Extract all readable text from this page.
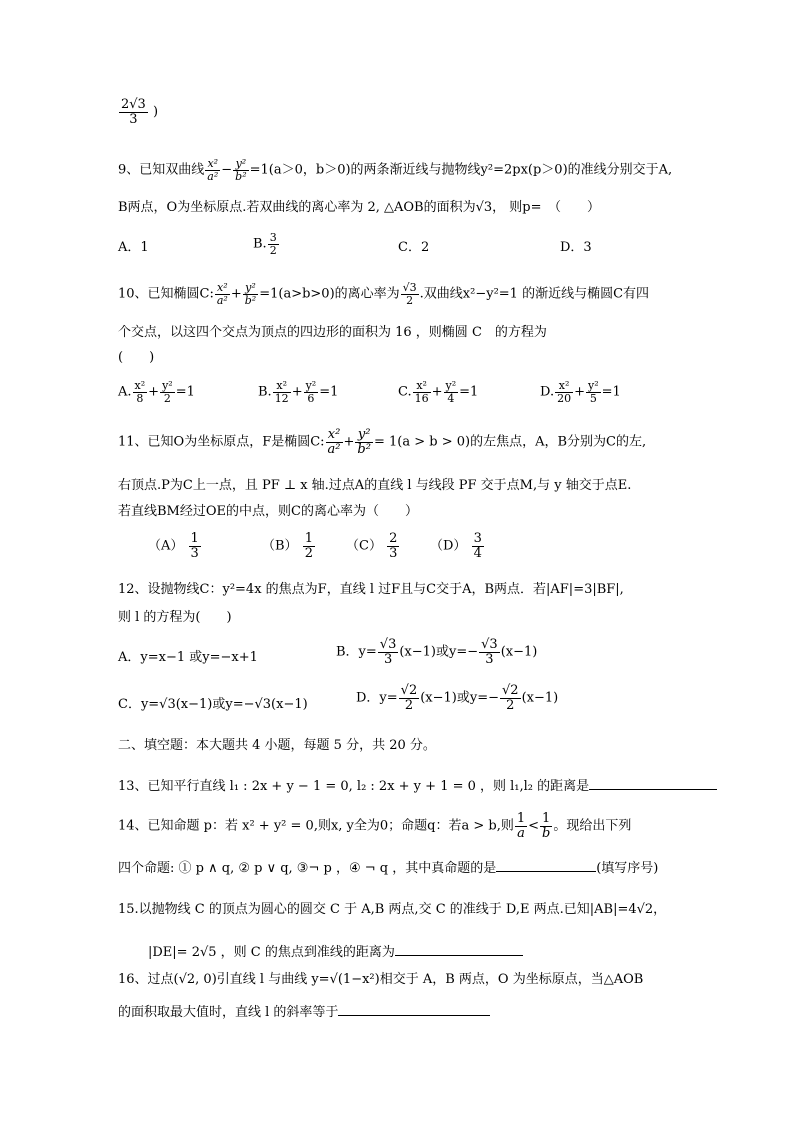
$\frac{2√3}{3}$ )
9、已知双曲线 $\frac{\text{x²}}{\text{a²}} - \frac{\text{y²}}{\text{b²}} =1(a>0$，b＞0)的两条渐近线与抛物线y²=2px(p＞0)的准线分别交于A,
B两点，O为坐标原点.若双曲线的离心率为 2, △AOB的面积为√3， 则p=　（　　）
A．1	B. $\frac{3}{2}$	C．2	D．3
10、已知椭圆C: $\frac{\text{x²}}{\text{a²}} + \frac{\text{y²}}{\text{b²}} =1(a>b>0)$的离心率为 $\frac{√3}{2}$ .双曲线x²−y²=1 的渐近线与椭圆C有四
个交点，以这四个交点为顶点的四边形的面积为 16 ，则椭圆 C　的方程为
(　　)
A. $\frac{\text{x²}}{8} + \frac{\text{y²}}{2} =1$	B. $\frac{\text{x²}}{12} + \frac{\text{y²}}{6} =1$	C. $\frac{\text{x²}}{16} + \frac{\text{y²}}{4} =1$	D. $\frac{\text{x²}}{20} + \frac{\text{y²}}{5} =1$
11、已知O为坐标原点，F是椭圆C: $\frac{\text{x²}}{\text{a²}} + \frac{\text{y²}}{\text{b²}} = 1(a > b > 0)$的左焦点，A，B分别为C的左,
右顶点.P为C上一点，且 PF ⊥ x 轴.过点A的直线 l 与线段 PF 交于点M,与 y 轴交于点E.
若直线BM经过OE的中点，则C的离心率为（　　）
$(A) \frac{1}{3}$	$(B) \frac{1}{2} (C) \frac{2}{3} (D) \frac{3}{4}$
12、设抛物线C：y²=4x 的焦点为F，直线 l 过F且与C交于A，B两点．若|AF|=3|BF|,
则 l 的方程为(　　)
A．y=x−1 或y=−x+1	B．$y= \frac{√3}{3} (x-1)$或$y=- \frac{√3}{3} (x-1)$
C．y=√3(x−1)或y=−√3(x−1)	D．$y= \frac{√2}{2} (x-1)$或$y=- \frac{√2}{2} (x-1)$
二、填空题：本大题共 4 小题，每题 5 分，共 20 分。
13、已知平行直线 l₁ : 2x + y − 1 = 0, l₂ : 2x + y + 1 = 0 ，则 l₁,l₂ 的距离是
14、已知命题 p：若 x² + y² = 0,则x, y全为0；命题q：若a > b,则 $\frac{1}{a} < \frac{1}{b}$ 。现给出下列
四个命题: ① p ∧ q, ② p ∨ q, ③¬ p ，④ ¬ q ，其中真命题的是	(填写序号)
15.以抛物线 C 的顶点为圆心的圆交 C 于 A,B 两点,交 C 的准线于 D,E 两点.已知|AB|=4√2，
|DE|= 2√5 ，则 C 的焦点到准线的距离为
16、过点(√2, 0)引直线 l 与曲线 y=√(1−x²)相交于 A，B 两点，O 为坐标原点，当△AOB
的面积取最大值时，直线 l 的斜率等于
